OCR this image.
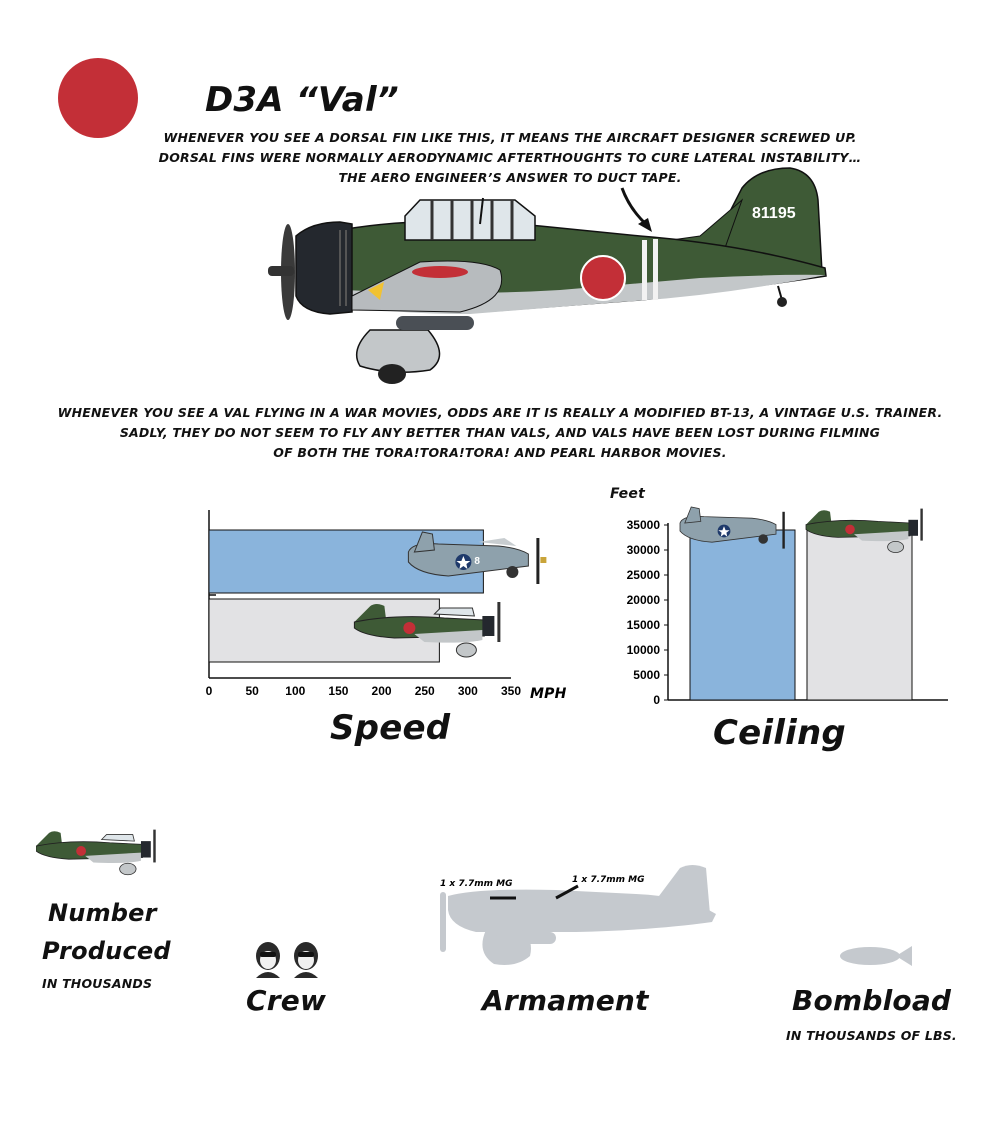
D3A “Val”
WHENEVER YOU SEE A DORSAL FIN LIKE THIS, IT MEANS THE AIRCRAFT DESIGNER SCREWED UP.
DORSAL FINS WERE NORMALLY AERODYNAMIC AFTERTHOUGHTS TO CURE LATERAL INSTABILITY…
THE AERO ENGINEER’S ANSWER TO DUCT TAPE.
81195
WHENEVER YOU SEE A VAL FLYING IN A WAR MOVIES, ODDS ARE IT IS REALLY A MODIFIED BT-13, A VINTAGE U.S. TRAINER.
SADLY, THEY DO NOT SEEM TO FLY ANY BETTER THAN VALS, AND VALS HAVE BEEN LOST DURING FILMING
OF BOTH THE TORA!TORA!TORA! AND PEARL HARBOR MOVIES.
8
0	50 100 150 200 250 300 350 MPH
Speed
Feet
0
5000
10000
15000
20000
25000
30000
35000
Ceiling
Number
Produced
IN THOUSANDS
Crew
1 x 7.7mm MG	1 x 7.7mm MG
Armament	Bombload
IN THOUSANDS OF LBS.
